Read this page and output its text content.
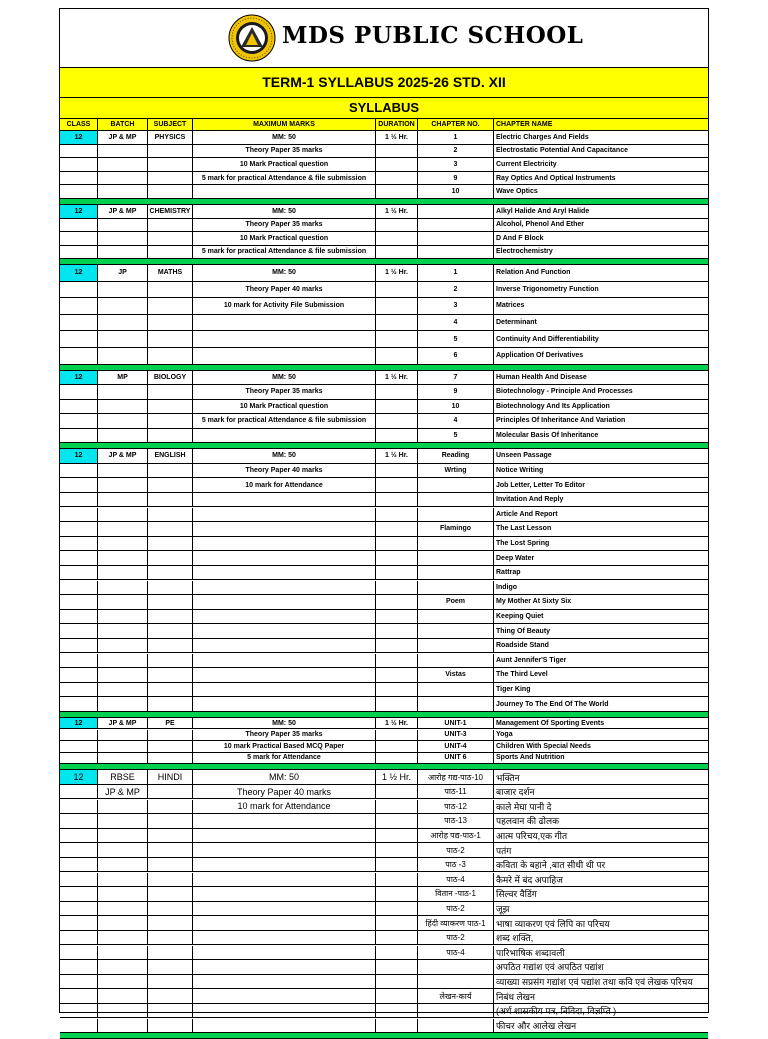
MDS PUBLIC SCHOOL
TERM-1 SYLLABUS 2025-26 STD. XII
SYLLABUS
CLASS	BATCH	SUBJECT	MAXIMUM MARKS	DURATION	CHAPTER NO.	CHAPTER NAME
12	JP & MP	PHYSICS	MM: 50	1 ½ Hr.	1	Electric Charges And Fields
Theory Paper 35 marks	2	Electrostatic Potential And Capacitance
10 Mark Practical question	3	Current Electricity
5 mark for practical Attendance & file submission	9	Ray Optics And Optical Instruments
10	Wave Optics
12	JP & MP	CHEMISTRY	MM: 50	1 ½ Hr.	Alkyl Halide And Aryl Halide
Theory Paper 35 marks	Alcohol, Phenol And Ether
10 Mark Practical question	D And F Block
5 mark for practical Attendance & file submission	Electrochemistry
12	JP	MATHS	MM: 50	1 ½ Hr.	1	Relation And Function
Theory Paper 40 marks	2	Inverse Trigonometry Function
10 mark for Activity File Submission	3	Matrices
4	Determinant
5	Continuity And Differentiability
6	Application Of Derivatives
12	MP	BIOLOGY	MM: 50	1 ½ Hr.	7	Human Health And Disease
Theory Paper 35 marks	9	Biotechnology - Principle And Processes
10 Mark Practical question	10	Biotechnology And Its Application
5 mark for practical Attendance & file submission	4	Principles Of Inheritance And Variation
5	Molecular Basis Of Inheritance
12	JP & MP	ENGLISH	MM: 50	1 ½ Hr.	Reading	Unseen Passage
Theory Paper 40 marks	Wrting	Notice Writing
10 mark for Attendance	Job Letter, Letter To Editor
Invitation And Reply
Article And Report
Flamingo	The Last Lesson
The Lost Spring
Deep Water
Rattrap
Indigo
Poem	My Mother At Sixty Six
Keeping Quiet
Thing Of Beauty
Roadside Stand
Aunt Jennifer'S Tiger
Vistas	The Third Level
Tiger King
Journey To The End Of The World
12	JP & MP	PE	MM: 50	1 ½ Hr.	UNIT-1	Management Of Sporting Events
Theory Paper 35 marks	UNIT-3	Yoga
10 mark Practical Based MCQ Paper	UNIT-4	Children With Special Needs
5 mark for Attendance	UNIT 6	Sports And Nutrition
12	RBSE	HINDI	MM: 50	1 ½ Hr.	आरोह गद्य-पाठ-10	भक्तिन
JP & MP	Theory Paper 40 marks	पाठ-11	बाजार दर्शन
10 mark for Attendance	पाठ-12	काले मेघा पानी दे
पाठ-13	पहलवान की ढोलक
आरोह पद्य-पाठ-1	आत्म परिचय,एक गीत
पाठ-2	पतंग
पाठ -3	कविता के बहाने ,बात सीधी थी पर
पाठ-4	कैमरे में बंद अपाहिज
वितान -पाठ-1	सिल्वर वैडिंग
पाठ-2	जूझ
हिंदी व्याकरण पाठ-1	भाषा व्याकरण एवं लिपि का परिचय
पाठ-2	शब्द शक्ति,
पाठ-4	पारिभाषिक शब्दावली
अपठित गद्यांश एवं अपठित पद्यांश
व्याख्या सप्रसंग गद्यांश एवं पद्यांश तथा कवि एवं लेखक परिचय
लेखन-कार्य	निबंध लेखन
(अर्ध शासकीय पत्र, निविदा, विज्ञप्ति )
फीचर और आलेख लेखन
